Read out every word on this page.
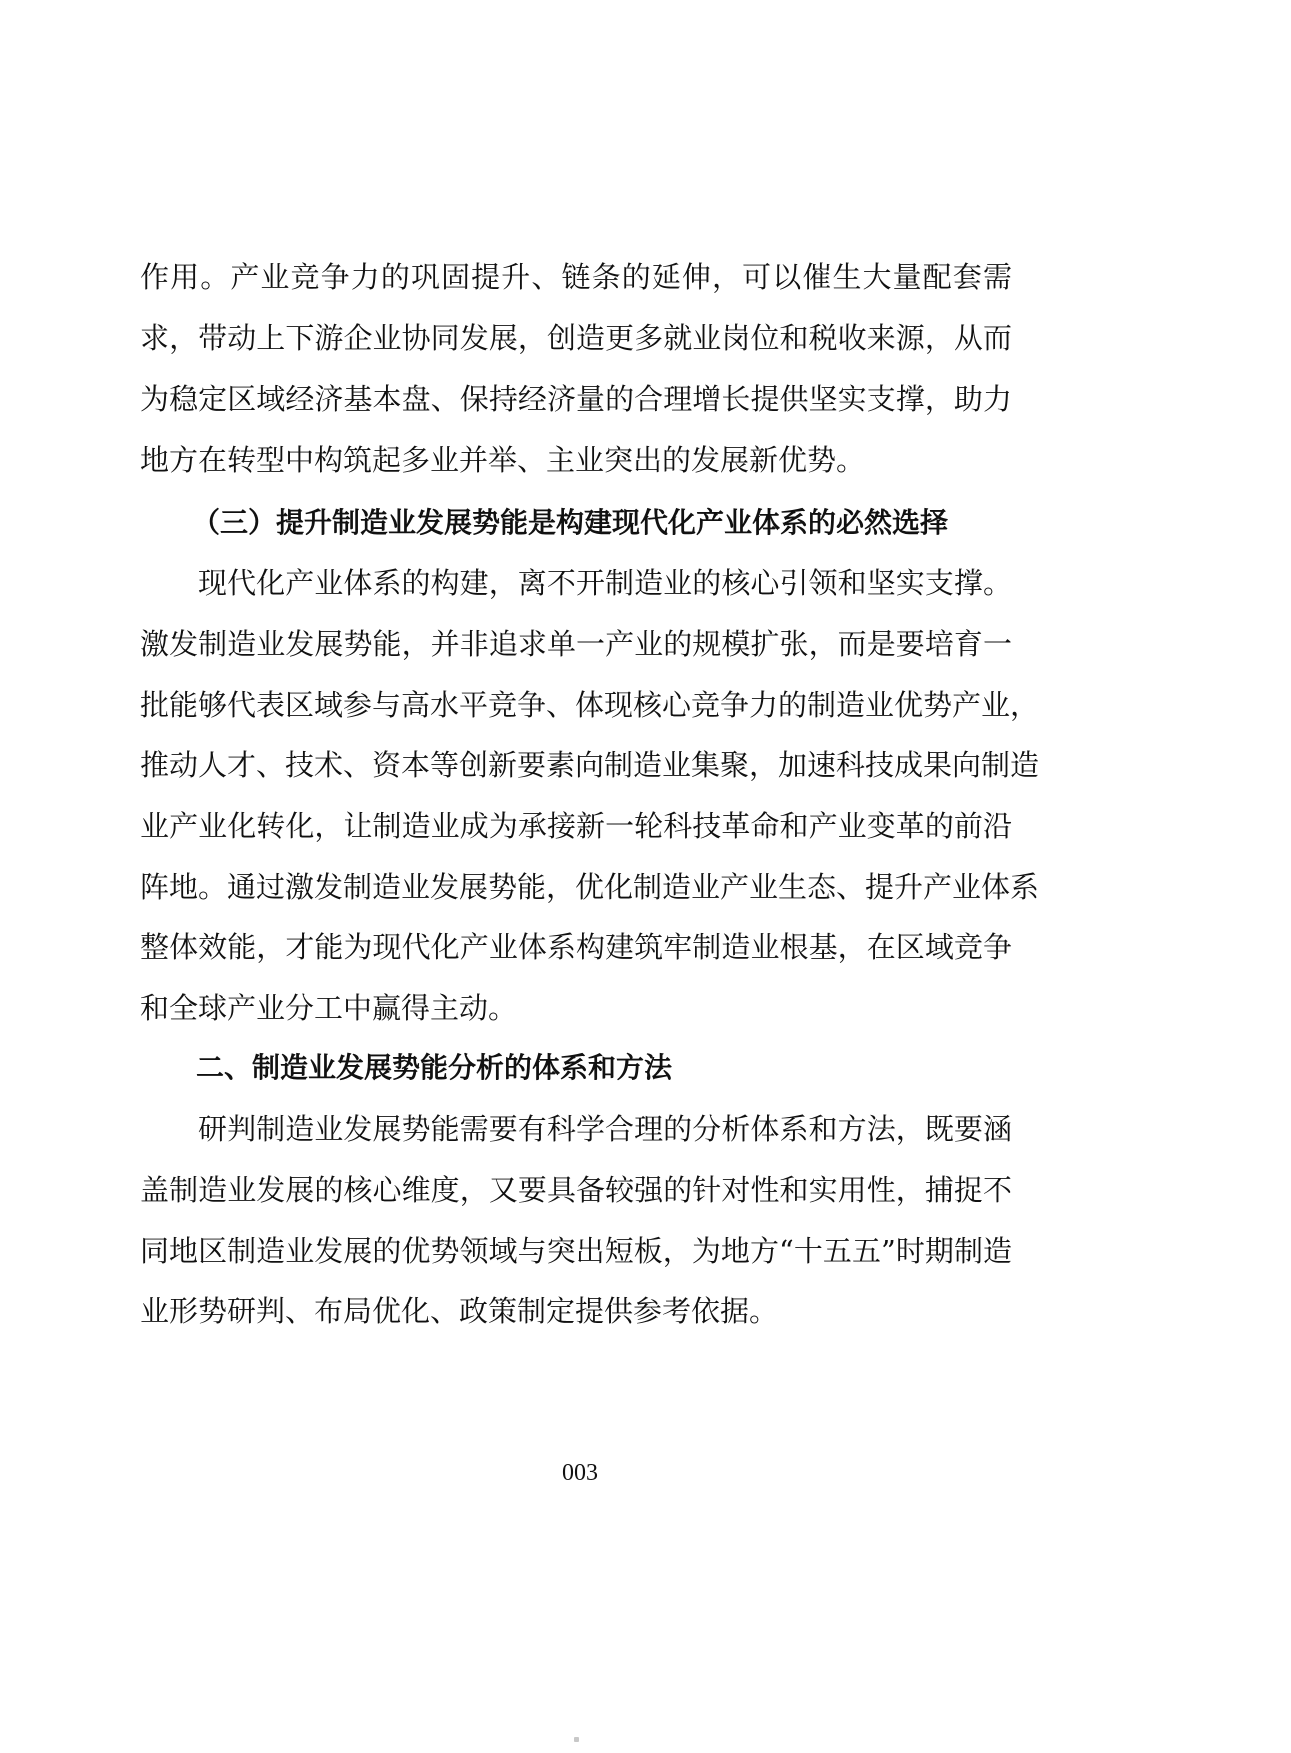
作用。产业竞争力的巩固提升、链条的延伸，可以催生大量配套需
求，带动上下游企业协同发展，创造更多就业岗位和税收来源，从而
为稳定区域经济基本盘、保持经济量的合理增长提供坚实支撑，助力
地方在转型中构筑起多业并举、主业突出的发展新优势。
（三）提升制造业发展势能是构建现代化产业体系的必然选择
现代化产业体系的构建，离不开制造业的核心引领和坚实支撑。
激发制造业发展势能，并非追求单一产业的规模扩张，而是要培育一
批能够代表区域参与高水平竞争、体现核心竞争力的制造业优势产业，
推动人才、技术、资本等创新要素向制造业集聚，加速科技成果向制造
业产业化转化，让制造业成为承接新一轮科技革命和产业变革的前沿
阵地。通过激发制造业发展势能，优化制造业产业生态、提升产业体系
整体效能，才能为现代化产业体系构建筑牢制造业根基，在区域竞争
和全球产业分工中赢得主动。
二、制造业发展势能分析的体系和方法
研判制造业发展势能需要有科学合理的分析体系和方法，既要涵
盖制造业发展的核心维度，又要具备较强的针对性和实用性，捕捉不
同地区制造业发展的优势领域与突出短板，为地方“十五五”时期制造
业形势研判、布局优化、政策制定提供参考依据。
003
